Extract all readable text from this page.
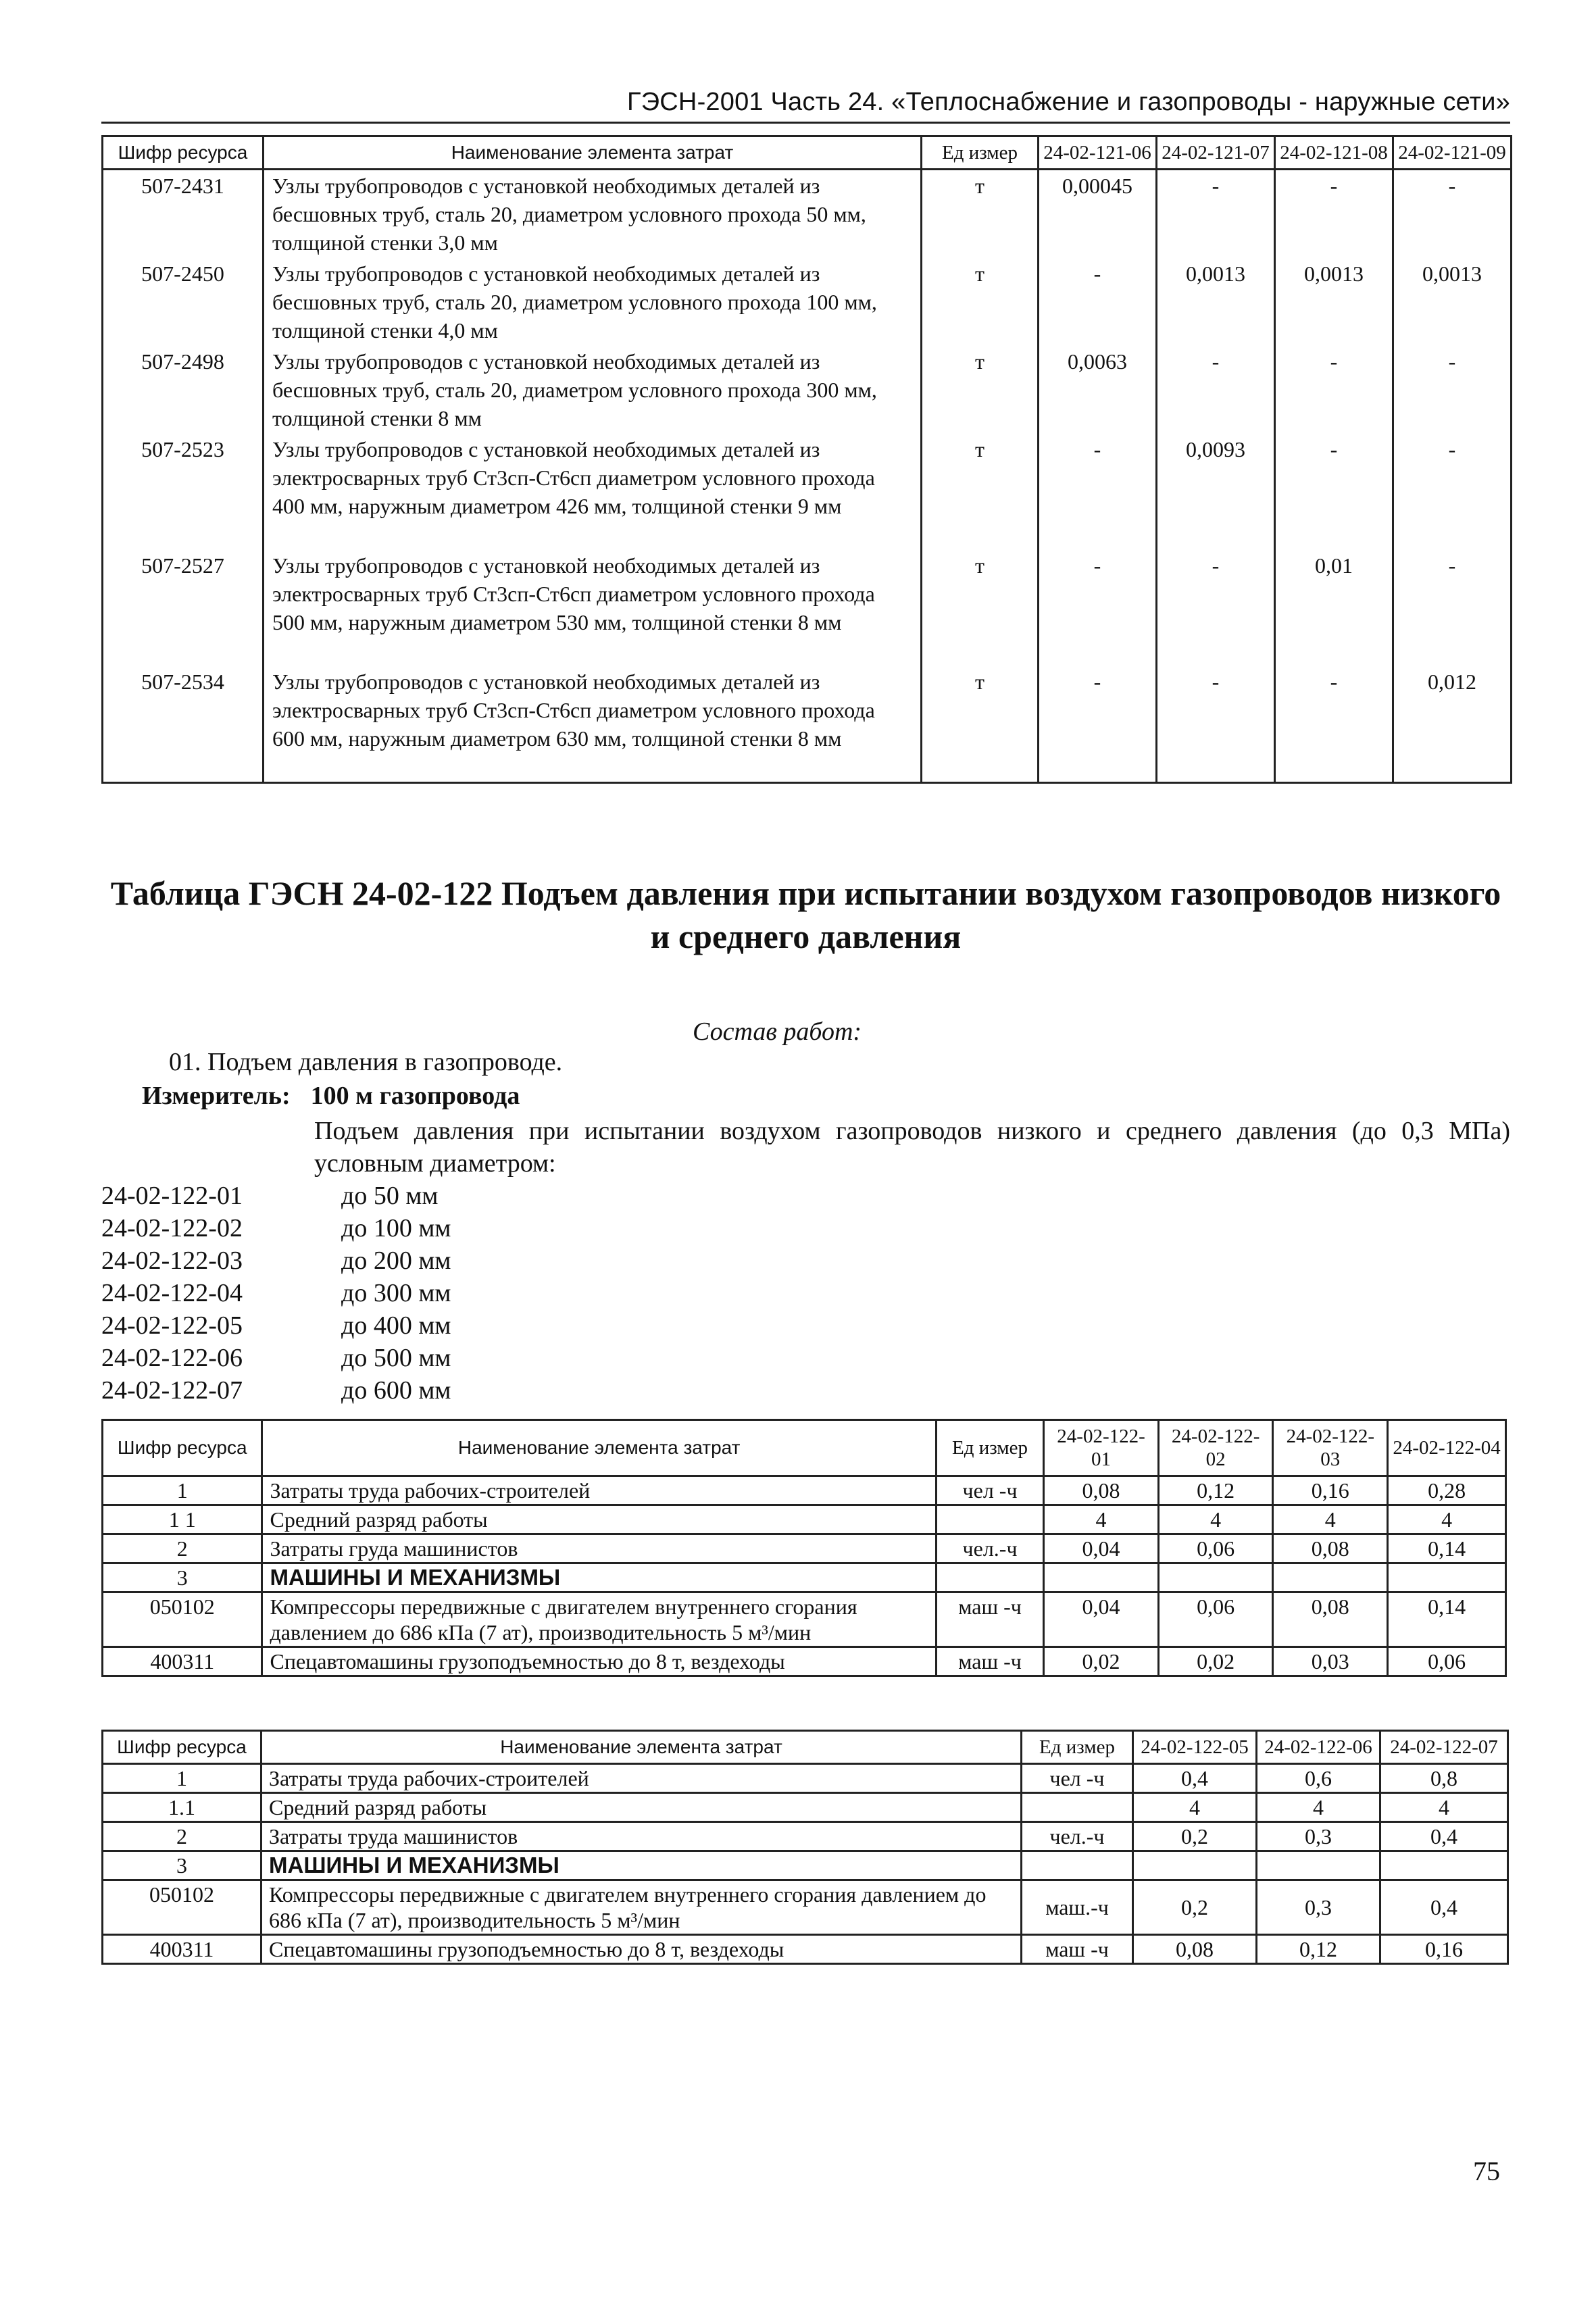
ГЭСН-2001 Часть 24. «Теплоснабжение и газопроводы - наружные сети»
Шифр ресурса	Наименование элемента затрат	Ед измер	24-02-121-06	24-02-121-07	24-02-121-08	24-02-121-09
507-2431	Узлы трубопроводов с установкой необходимых деталей из бесшовных труб, сталь 20, диаметром условного прохода 50 мм, толщиной стенки 3,0 мм	т	0,00045	-	-	-
507-2450	Узлы трубопроводов с установкой необходимых деталей из бесшовных труб, сталь 20, диаметром условного прохода 100 мм, толщиной стенки 4,0 мм	т	-	0,0013	0,0013	0,0013
507-2498	Узлы трубопроводов с установкой необходимых деталей из бесшовных труб, сталь 20, диаметром условного прохода 300 мм, толщиной стенки 8 мм	т	0,0063	-	-	-
507-2523	Узлы трубопроводов с установкой необходимых деталей из электросварных труб Ст3сп-Ст6сп диаметром условного прохода 400 мм, наружным диаметром 426 мм, толщиной стенки 9 мм	т	-	0,0093	-	-
507-2527	Узлы трубопроводов с установкой необходимых деталей из электросварных труб Ст3сп-Ст6сп диаметром условного прохода 500 мм, наружным диаметром 530 мм, толщиной стенки 8 мм	т	-	-	0,01	-
507-2534	Узлы трубопроводов с установкой необходимых деталей из электросварных труб Ст3сп-Ст6сп диаметром условного прохода 600 мм, наружным диаметром 630 мм, толщиной стенки 8 мм	т	-	-	-	0,012
Таблица ГЭСН 24-02-122 Подъем давления при испытании воздухом газопроводов низкого и среднего давления
Состав работ:
01. Подъем давления в газопроводе.
Измеритель: 100 м газопровода
Подъем давления при испытании воздухом газопроводов низкого и среднего давления (до 0,3 МПа) условным диаметром:
24-02-122-01	до 50 мм
24-02-122-02	до 100 мм
24-02-122-03	до 200 мм
24-02-122-04	до 300 мм
24-02-122-05	до 400 мм
24-02-122-06	до 500 мм
24-02-122-07	до 600 мм
Шифр ресурса	Наименование элемента затрат	Ед измер	24-02-122-01	24-02-122-02	24-02-122-03	24-02-122-04
1	Затраты труда рабочих-строителей	чел -ч	0,08	0,12	0,16	0,28
1 1	Средний разряд работы		4	4	4	4
2	Затраты груда машинистов	чел.-ч	0,04	0,06	0,08	0,14
3	МАШИНЫ И МЕХАНИЗМЫ					
050102	Компрессоры передвижные с двигателем внутреннего сгорания давлением до 686 кПа (7 ат), производительность 5 м³/мин	маш -ч	0,04	0,06	0,08	0,14
400311	Спецавтомашины грузоподъемностью до 8 т, вездеходы	маш -ч	0,02	0,02	0,03	0,06
Шифр ресурса	Наименование элемента затрат	Ед измер	24-02-122-05	24-02-122-06	24-02-122-07
1	Затраты труда рабочих-строителей	чел -ч	0,4	0,6	0,8
1.1	Средний разряд работы		4	4	4
2	Затраты труда машинистов	чел.-ч	0,2	0,3	0,4
3	МАШИНЫ И МЕХАНИЗМЫ				
050102	Компрессоры передвижные с двигателем внутреннего сгорания давлением до 686 кПа (7 ат), производительность 5 м³/мин	маш.-ч	0,2	0,3	0,4
400311	Спецавтомашины грузоподъемностью до 8 т, вездеходы	маш -ч	0,08	0,12	0,16
75
